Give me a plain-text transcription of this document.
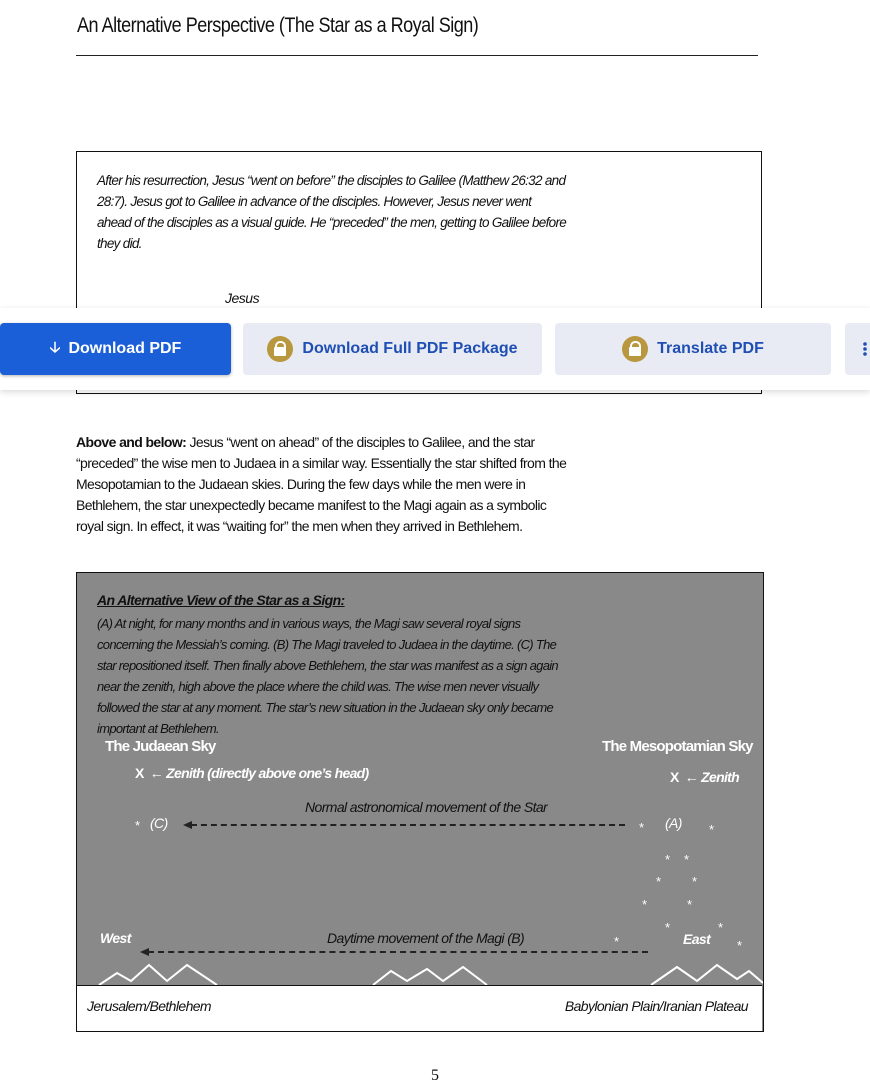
An Alternative Perspective (The Star as a Royal Sign)
After his resurrection, Jesus “went on before” the disciples to Galilee (Matthew 26:32 and 28:7). Jesus got to Galilee in advance of the disciples. However, Jesus never went ahead of the disciples as a visual guide. He “preceded” the men, getting to Galilee before they did.
Jesus
🡣 Download PDF	Download Full PDF Package	Translate PDF
Above and below: Jesus “went on ahead” of the disciples to Galilee, and the star “preceded” the wise men to Judaea in a similar way. Essentially the star shifted from the Mesopotamian to the Judaean skies. During the few days while the men were in Bethlehem, the star unexpectedly became manifest to the Magi again as a symbolic royal sign. In effect, it was “waiting for” the men when they arrived in Bethlehem.
An Alternative View of the Star as a Sign:
(A) At night, for many months and in various ways, the Magi saw several royal signs concerning the Messiah’s coming. (B) The Magi traveled to Judaea in the daytime. (C) The star repositioned itself. Then finally above Bethlehem, the star was manifest as a sign again near the zenith, high above the place where the child was. The wise men never visually followed the star at any moment. The star’s new situation in the Judaean sky only became important at Bethlehem.
The Judaean Sky	The Mesopotamian Sky
X ← Zenith (directly above one’s head)	X ← Zenith
Normal astronomical movement of the Star
* (C)	* (A) *
* *
* *
*	*
*	*
West	Daytime movement of the Magi (B)	*	East *
Jerusalem/Bethlehem	Babylonian Plain/Iranian Plateau
5
